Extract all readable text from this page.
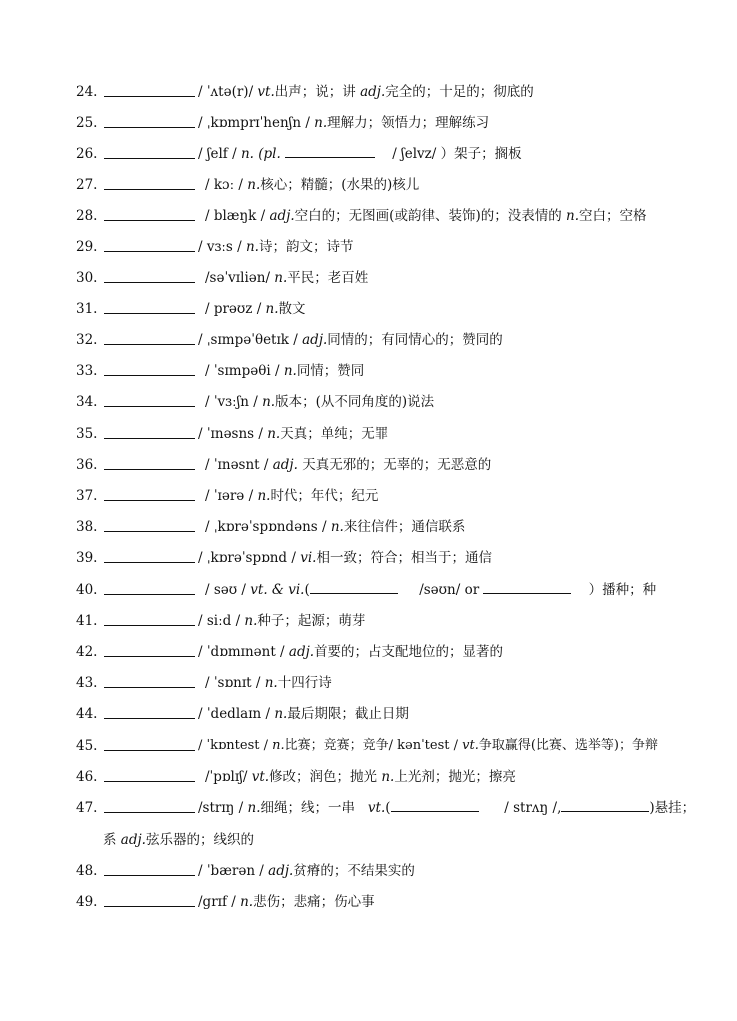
24.	/ ˈʌtə(r)/ vt.出声；说；讲 adj.完全的；十足的；彻底的
25.	/ ˌkɒmprɪˈhenʃn / n.理解力；领悟力；理解练习
26.	/ ʃelf / n. (pl.	/ ʃelvz/ ）架子；搁板
27.	/ kɔː / n.核心；精髓；(水果的)核儿
28.	/ blæŋk / adj.空白的；无图画(或韵律、装饰)的；没表情的 n.空白；空格
29.	/ vɜːs / n.诗；韵文；诗节
30.	/səˈvɪliən/ n.平民；老百姓
31.	/ prəʊz / n.散文
32.	/ ˌsɪmpəˈθetɪk / adj.同情的；有同情心的；赞同的
33.	/ ˈsɪmpəθi / n.同情；赞同
34.	/ ˈvɜːʃn / n.版本；(从不同角度的)说法
35.	/ ˈɪnəsns / n.天真；单纯；无罪
36.	/ ˈɪnəsnt / adj. 天真无邪的；无辜的；无恶意的
37.	/ ˈɪərə / n.时代；年代；纪元
38.	/ ˌkɒrəˈspɒndəns / n.来往信件；通信联系
39.	/ ˌkɒrəˈspɒnd / vi.相一致；符合；相当于；通信
40.	/ səʊ / vt. & vi.(	/səʊn/ or	）播种；种
41.	/ siːd / n.种子；起源；萌芽
42.	/ ˈdɒmɪnənt / adj.首要的；占支配地位的；显著的
43.	/ ˈsɒnɪt / n.十四行诗
44.	/ ˈdedlaɪn / n.最后期限；截止日期
45.	/ ˈkɒntest / n.比赛；竞赛；竞争/ kənˈtest / vt.争取赢得(比赛、选举等)；争辩
46.	/ˈpɒlɪʃ/ vt.修改；润色；抛光 n.上光剂；抛光；擦亮
47.	/strɪŋ / n.细绳；线；一串   vt.(	/ strʌŋ /,	)悬挂；
系 adj.弦乐器的；线织的
48.	/ ˈbærən / adj.贫瘠的；不结果实的
49.	/grɪf / n.悲伤；悲痛；伤心事
